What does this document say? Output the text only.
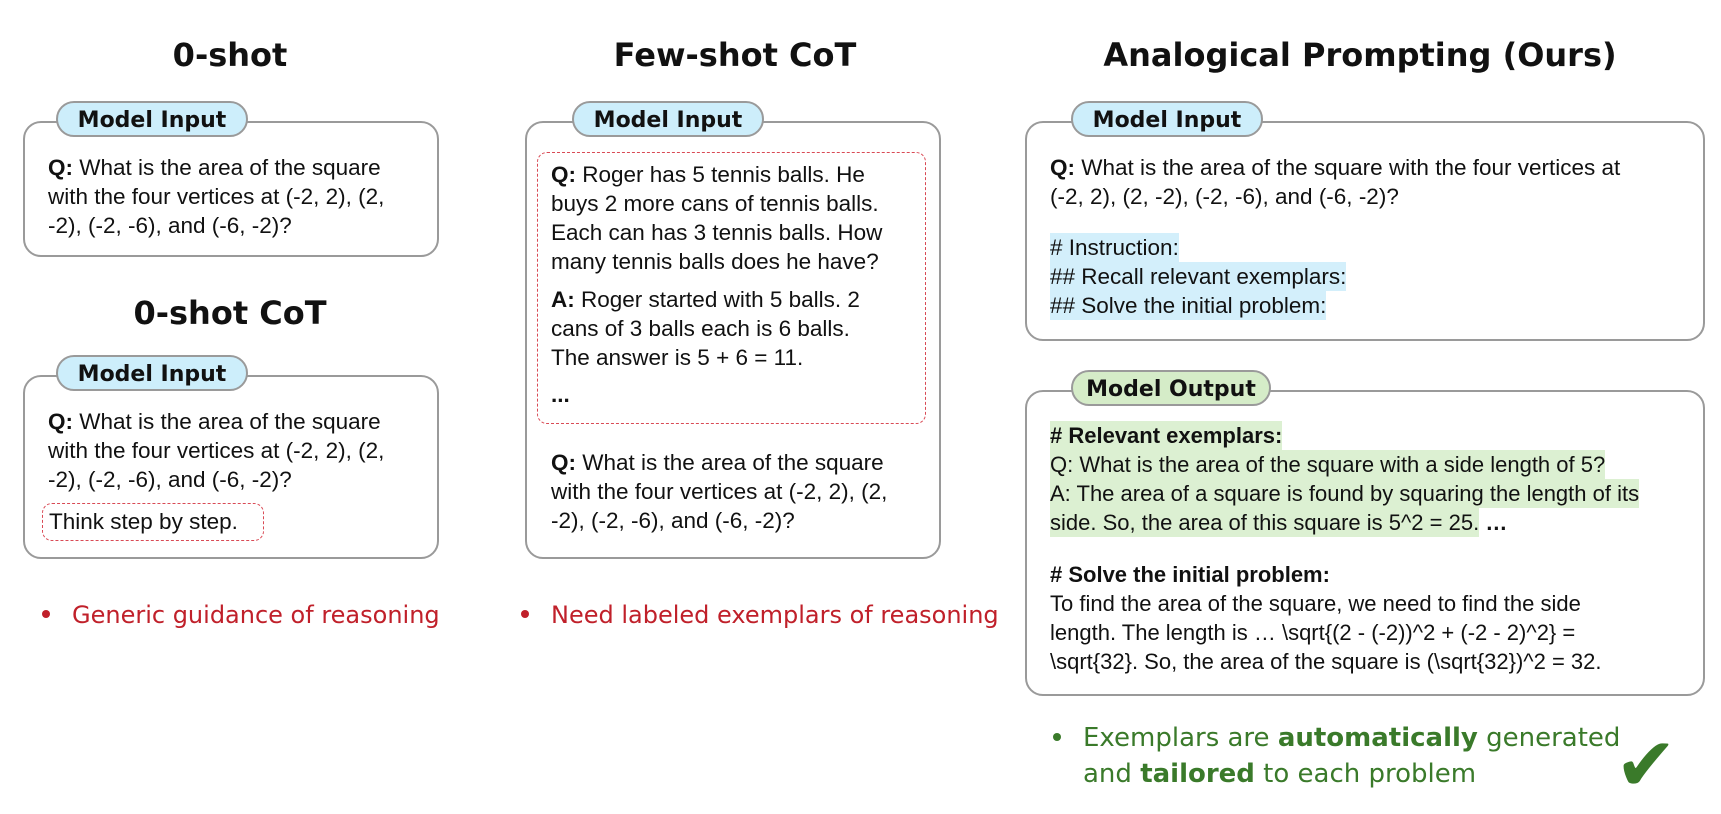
0-shot
0-shot CoT
Few-shot CoT	Analogical Prompting (Ours)
Model Input
Q: What is the area of the square
with the four vertices at (-2, 2), (2,
-2), (-2, -6), and (-6, -2)?
Model Input
Q: What is the area of the square
with the four vertices at (-2, 2), (2,
-2), (-2, -6), and (-6, -2)?
Think step by step.
Model Input
Q: Roger has 5 tennis balls. He
buys 2 more cans of tennis balls.
Each can has 3 tennis balls. How
many tennis balls does he have?
A: Roger started with 5 balls. 2
cans of 3 balls each is 6 balls.
The answer is 5 + 6 = 11.
...
Q: What is the area of the square
with the four vertices at (-2, 2), (2,
-2), (-2, -6), and (-6, -2)?
Model Input
Q: What is the area of the square with the four vertices at
(-2, 2), (2, -2), (-2, -6), and (-6, -2)?
# Instruction:
## Recall relevant exemplars:
## Solve the initial problem:
Model Output
# Relevant exemplars:
Q: What is the area of the square with a side length of 5?
A: The area of a square is found by squaring the length of its
side. So, the area of this square is 5^2 = 25. …
# Solve the initial problem:
To find the area of the square, we need to find the side
length. The length is … \sqrt{(2 - (-2))^2 + (-2 - 2)^2} =
\sqrt{32}. So, the area of the square is (\sqrt{32})^2 = 32.
Generic guidance of reasoning	Need labeled exemplars of reasoning
Exemplars are automatically generated
and tailored to each problem	✔
